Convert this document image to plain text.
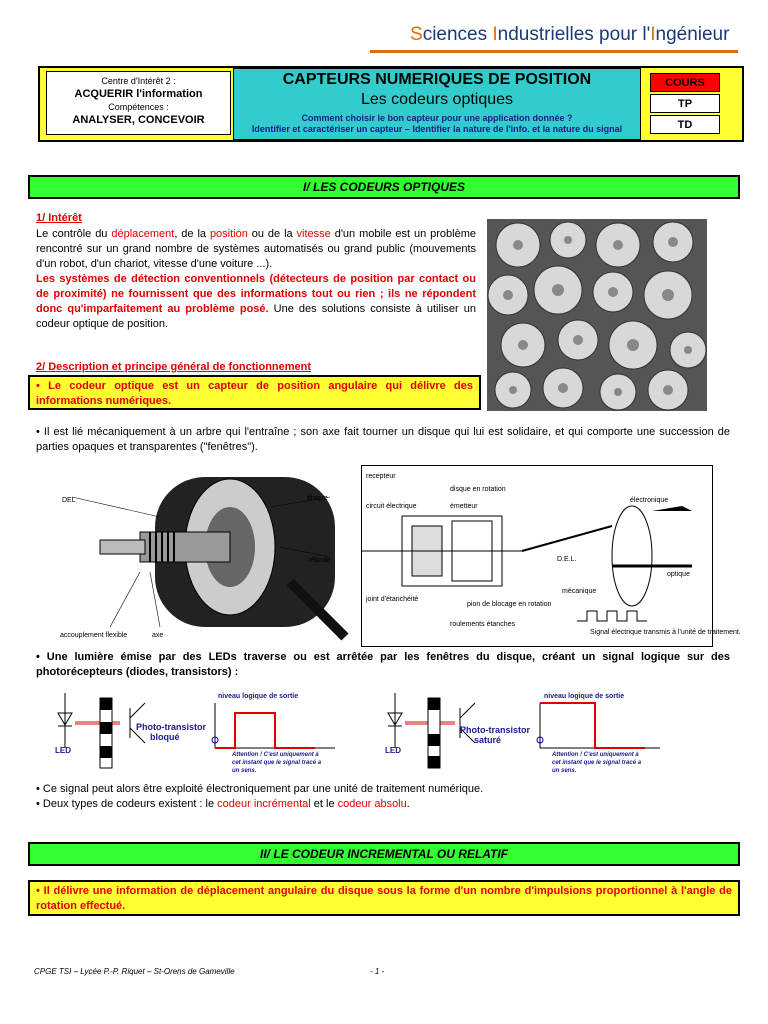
Sciences Industrielles pour l'Ingénieur
Centre d'Intérêt 2 :
ACQUERIR l'information
Compétences :
ANALYSER, CONCEVOIR
CAPTEURS NUMERIQUES DE POSITION
Les codeurs optiques
Comment choisir le bon capteur pour une application donnée ?
Identifier et caractériser un capteur – Identifier la nature de l'info. et la nature du signal
COURS
TP
TD
I/ LES CODEURS OPTIQUES
1/ Intérêt
Le contrôle du déplacement, de la position ou de la vitesse d'un mobile est un problème rencontré sur un grand nombre de systèmes automatisés ou grand public (mouvements d'un robot, d'un chariot, vitesse d'une voiture ...).
Les systèmes de détection conventionnels (détecteurs de position par contact ou de proximité) ne fournissent que des informations tout ou rien ; ils ne répondent donc qu'imparfaitement au problème posé. Une des solutions consiste à utiliser un codeur optique de position.
2/ Description et principe général de fonctionnement
• Le codeur optique est un capteur de position angulaire qui délivre des informations numériques.
• Il est lié mécaniquement à un arbre qui l'entraîne ; son axe fait tourner un disque qui lui est solidaire, et qui comporte une succession de parties opaques et transparentes ("fenêtres").
DEL	disque
réticule
accouplement flexible	axe
recepteur
disque en rotation
circuit électrique	émetteur
électronique
D.E.L.
optique
mécanique
joint d'étanchéité
pion de blocage en rotation
roulements étanches
Signal électrique transmis à l'unité de traitement.
• Une lumière émise par des LEDs traverse ou est arrêtée par les fenêtres du disque, créant un signal logique sur des photorécepteurs (diodes, transistors) :
LED
Photo-transistor
bloqué
niveau logique de sortie
Attention ! C'est uniquement à
cet instant que le signal tracé a
un sens.
LED
Photo-transistor
saturé
niveau logique de sortie
Attention ! C'est uniquement à
cet instant que le signal tracé a
un sens.
• Ce signal peut alors être exploité électroniquement par une unité de traitement numérique.
• Deux types de codeurs existent : le codeur incrémental et le codeur absolu.
II/ LE CODEUR INCREMENTAL OU RELATIF
• Il délivre une information de déplacement angulaire du disque sous la forme d'un nombre d'impulsions proportionnel à l'angle de rotation effectué.
CPGE TSI – Lycée P.-P. Riquet – St-Orens de Gameville	- 1 -
